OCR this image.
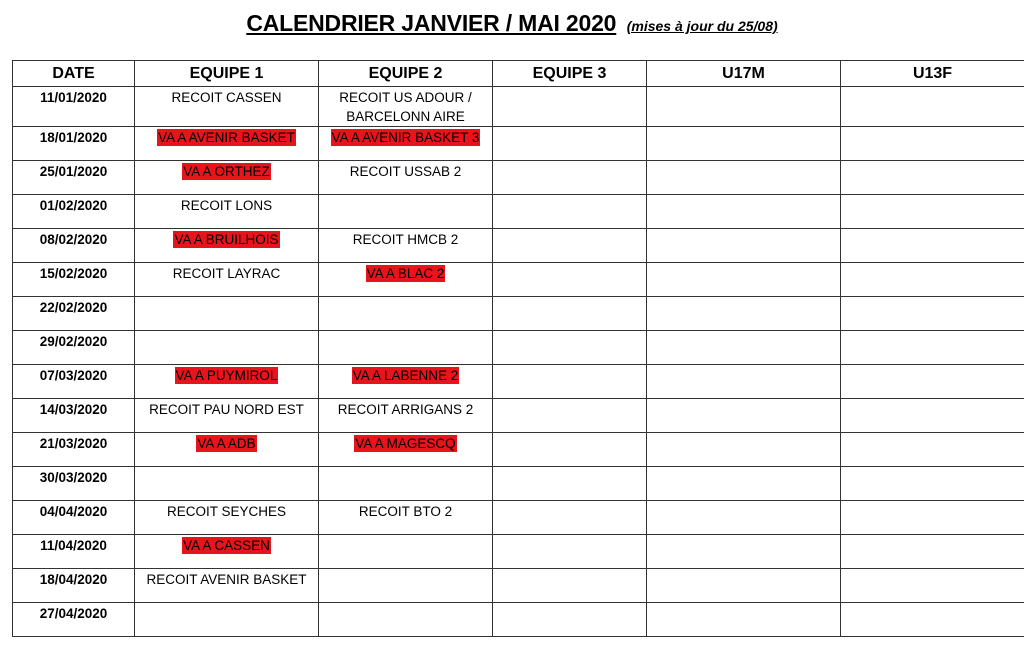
CALENDRIER JANVIER / MAI 2020 (mises à jour du 25/08)
DATE	EQUIPE 1	EQUIPE 2	EQUIPE 3	U17M	U13F
11/01/2020	RECOIT CASSEN	RECOIT US ADOUR /
BARCELONN AIRE			

18/01/2020	VA A AVENIR BASKET	VA A AVENIR BASKET 3			
25/01/2020	VA A ORTHEZ	RECOIT USSAB 2			
01/02/2020	RECOIT LONS				
08/02/2020	VA A BRUILHOIS	RECOIT HMCB 2			
15/02/2020	RECOIT LAYRAC	VA A BLAC 2			
22/02/2020					
29/02/2020					
07/03/2020	VA A PUYMIROL	VA A LABENNE 2			
14/03/2020	RECOIT PAU NORD EST	RECOIT ARRIGANS 2			
21/03/2020	VA A ADB	VA A MAGESCQ			
30/03/2020					
04/04/2020	RECOIT SEYCHES	RECOIT BTO 2			
11/04/2020	VA A CASSEN				
18/04/2020	RECOIT AVENIR BASKET				
27/04/2020					
